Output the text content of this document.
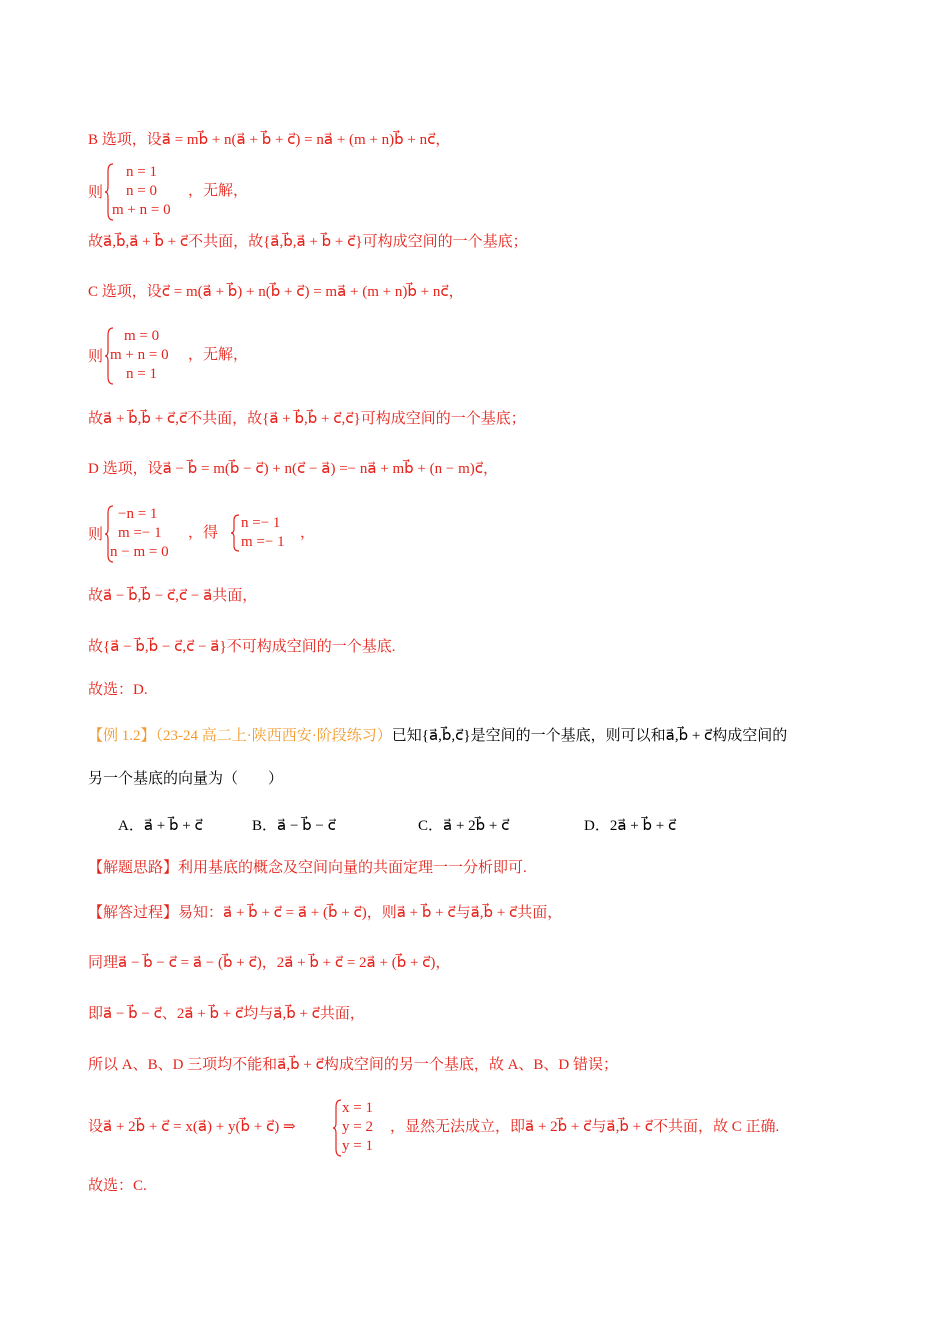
B 选项，设a⃗ = mb⃗ + n(a⃗ + b⃗ + c⃗) = na⃗ + (m + n)b⃗ + nc⃗，
则
n = 1
n = 0
m + n = 0
，无解，
故a⃗,b⃗,a⃗ + b⃗ + c⃗不共面，故{a⃗,b⃗,a⃗ + b⃗ + c⃗}可构成空间的一个基底；
C 选项，设c⃗ = m(a⃗ + b⃗) + n(b⃗ + c⃗) = ma⃗ + (m + n)b⃗ + nc⃗，
则
m = 0
m + n = 0
n = 1
，无解，
故a⃗ + b⃗,b⃗ + c⃗,c⃗不共面，故{a⃗ + b⃗,b⃗ + c⃗,c⃗}可构成空间的一个基底；
D 选项，设a⃗ − b⃗ = m(b⃗ − c⃗) + n(c⃗ − a⃗) =− na⃗ + mb⃗ + (n − m)c⃗，
则
−n = 1
m =− 1
n − m = 0
，得
n =− 1
m =− 1
，
故a⃗ − b⃗,b⃗ − c⃗,c⃗ − a⃗共面，
故{a⃗ − b⃗,b⃗ − c⃗,c⃗ − a⃗}不可构成空间的一个基底.
故选：D.
【例 1.2】（23-24 高二上·陕西西安·阶段练习）已知{a⃗,b⃗,c⃗}是空间的一个基底，则可以和a⃗,b⃗ + c⃗构成空间的
另一个基底的向量为（　　）
A．a⃗ + b⃗ + c⃗	B．a⃗ − b⃗ − c⃗	C．a⃗ + 2b⃗ + c⃗	D．2a⃗ + b⃗ + c⃗
【解题思路】利用基底的概念及空间向量的共面定理一一分析即可.
【解答过程】易知：a⃗ + b⃗ + c⃗ = a⃗ + (b⃗ + c⃗)，则a⃗ + b⃗ + c⃗与a⃗,b⃗ + c⃗共面，
同理a⃗ − b⃗ − c⃗ = a⃗ − (b⃗ + c⃗)，2a⃗ + b⃗ + c⃗ = 2a⃗ + (b⃗ + c⃗)，
即a⃗ − b⃗ − c⃗、2a⃗ + b⃗ + c⃗均与a⃗,b⃗ + c⃗共面，
所以 A、B、D 三项均不能和a⃗,b⃗ + c⃗构成空间的另一个基底，故 A、B、D 错误；
设a⃗ + 2b⃗ + c⃗ = x(a⃗) + y(b⃗ + c⃗) ⇒
x = 1
y = 2
y = 1
，显然无法成立，即a⃗ + 2b⃗ + c⃗与a⃗,b⃗ + c⃗不共面，故 C 正确.
故选：C.
